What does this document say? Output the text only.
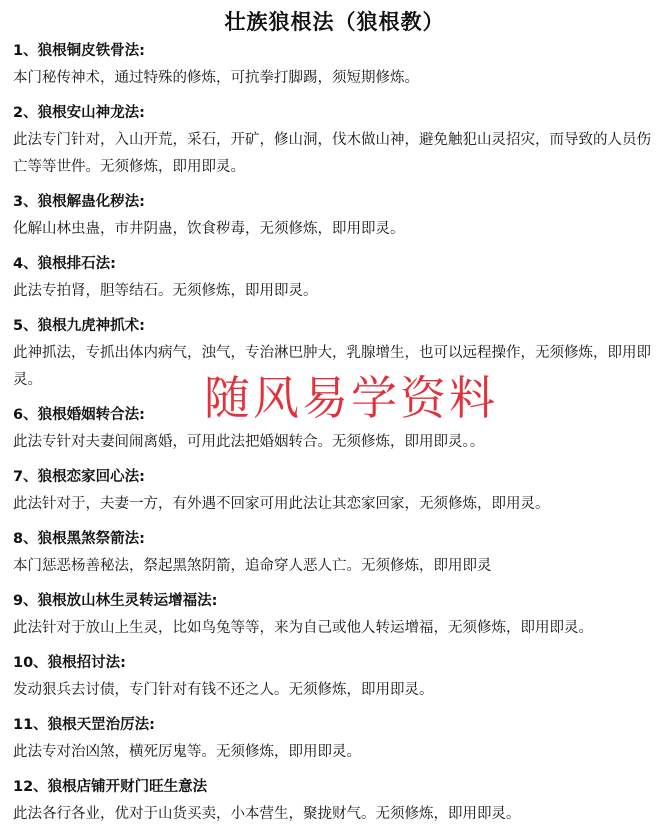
壮族狼根法（狼根教）
1、狼根铜皮铁骨法:
本门秘传神术，通过特殊的修炼，可抗拳打脚踢，须短期修炼。
2、狼根安山神龙法:
此法专门针对，入山开荒，采石，开矿，修山洞，伐木做山神，避免触犯山灵招灾，而导致的人员伤亡等等世件。无须修炼，即用即灵。
3、狼根解蛊化秽法:
化解山林虫蛊，市井阴蛊，饮食秽毒，无须修炼，即用即灵。
4、狼根排石法:
此法专拍肾，胆等结石。无须修炼，即用即灵。
5、狼根九虎神抓术:
此神抓法，专抓出体内病气，浊气，专治淋巴肿大，乳腺增生，也可以远程操作，无须修炼，即用即灵。
6、狼根婚姻转合法:
此法专针对夫妻间闹离婚，可用此法把婚姻转合。无须修炼，即用即灵。。
7、狼根恋家回心法:
此法针对于，夫妻一方，有外遇不回家可用此法让其恋家回家，无须修炼，即用灵。
8、狼根黑煞祭箭法:
本门惩恶杨善秘法，祭起黑煞阴箭，追命穿人恶人亡。无须修炼，即用即灵
9、狼根放山林生灵转运增福法:
此法针对于放山上生灵，比如鸟兔等等，来为自己或他人转运增福，无须修炼，即用即灵。
10、狼根招讨法:
发动狠兵去讨债，专门针对有钱不还之人。无须修炼，即用即灵。
11、狼根天罡治厉法:
此法专对治凶煞，横死厉鬼等。无须修炼，即用即灵。
12、狼根店铺开财门旺生意法
此法各行各业，优对于山货买卖，小本营生，聚拢财气。无须修炼，即用即灵。
随风易学资料
